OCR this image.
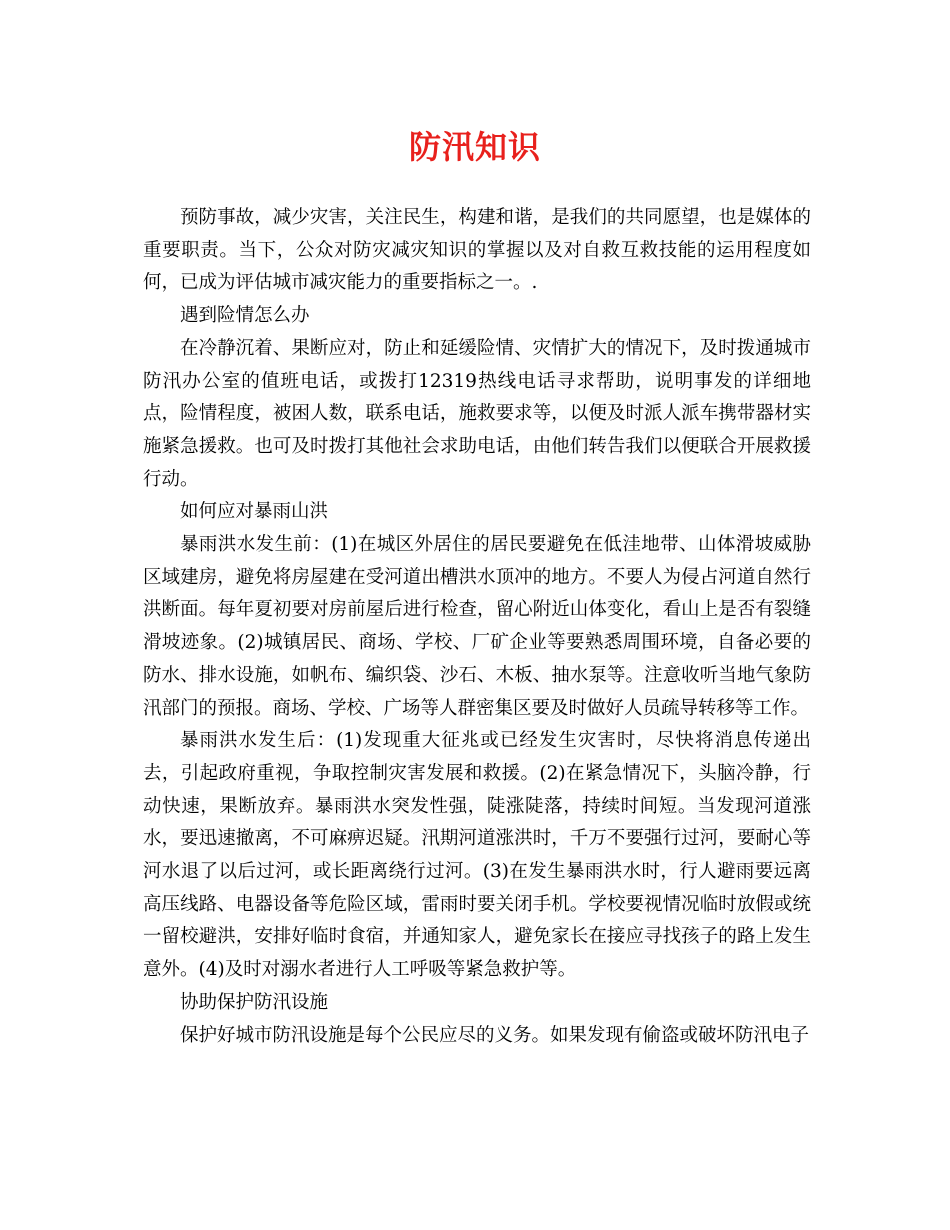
防汛知识

预防事故，减少灾害，关注民生，构建和谐，是我们的共同愿望，也是媒体的重要职责。当下，公众对防灾减灾知识的掌握以及对自救互救技能的运用程度如何，已成为评估城市减灾能力的重要指标之一。.

遇到险情怎么办

在冷静沉着、果断应对，防止和延缓险情、灾情扩大的情况下，及时拨通城市防汛办公室的值班电话，或拨打12319热线电话寻求帮助，说明事发的详细地点，险情程度，被困人数，联系电话，施救要求等，以便及时派人派车携带器材实施紧急援救。也可及时拨打其他社会求助电话，由他们转告我们以便联合开展救援行动。

如何应对暴雨山洪

暴雨洪水发生前：(1)在城区外居住的居民要避免在低洼地带、山体滑坡威胁区域建房，避免将房屋建在受河道出槽洪水顶冲的地方。不要人为侵占河道自然行洪断面。每年夏初要对房前屋后进行检查，留心附近山体变化，看山上是否有裂缝滑坡迹象。(2)城镇居民、商场、学校、厂矿企业等要熟悉周围环境，自备必要的防水、排水设施，如帆布、编织袋、沙石、木板、抽水泵等。注意收听当地气象防汛部门的预报。商场、学校、广场等人群密集区要及时做好人员疏导转移等工作。

暴雨洪水发生后：(1)发现重大征兆或已经发生灾害时，尽快将消息传递出去，引起政府重视，争取控制灾害发展和救援。(2)在紧急情况下，头脑冷静，行动快速，果断放弃。暴雨洪水突发性强，陡涨陡落，持续时间短。当发现河道涨水，要迅速撤离，不可麻痹迟疑。汛期河道涨洪时，千万不要强行过河，要耐心等河水退了以后过河，或长距离绕行过河。(3)在发生暴雨洪水时，行人避雨要远离高压线路、电器设备等危险区域，雷雨时要关闭手机。学校要视情况临时放假或统一留校避洪，安排好临时食宿，并通知家人，避免家长在接应寻找孩子的路上发生意外。(4)及时对溺水者进行人工呼吸等紧急救护等。

协助保护防汛设施

保护好城市防汛设施是每个公民应尽的义务。如果发现有偷盗或破坏防汛电子
